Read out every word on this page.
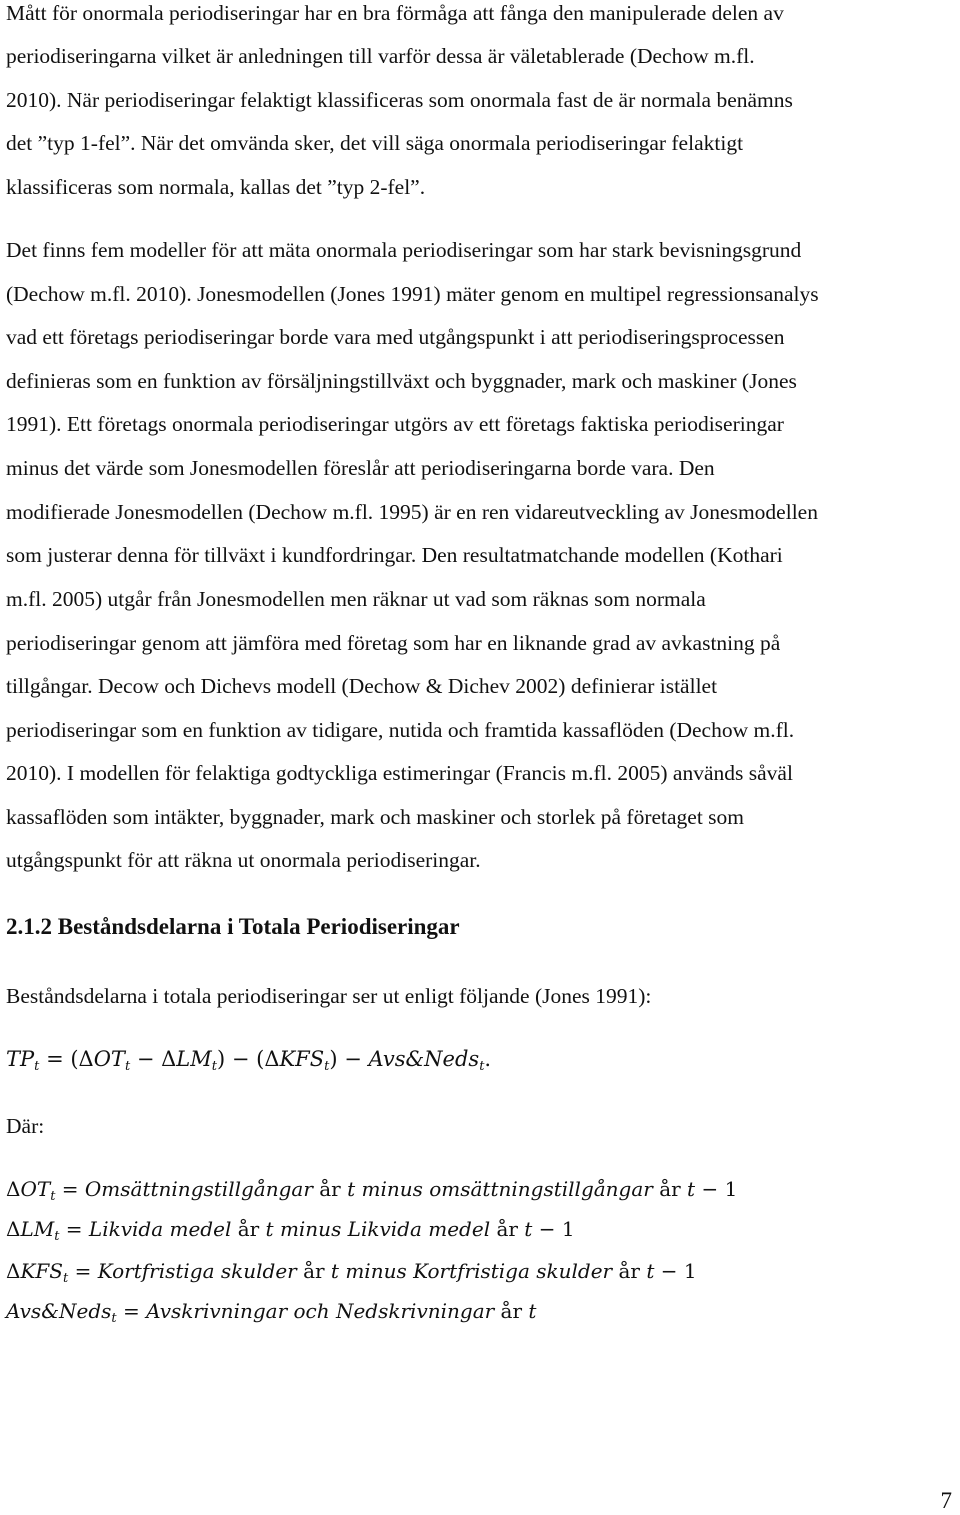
Mått för onormala periodiseringar har en bra förmåga att fånga den manipulerade delen av
periodiseringarna vilket är anledningen till varför dessa är väletablerade (Dechow m.fl.
2010). När periodiseringar felaktigt klassificeras som onormala fast de är normala benämns
det ”typ 1-fel”. När det omvända sker, det vill säga onormala periodiseringar felaktigt
klassificeras som normala, kallas det ”typ 2-fel”.
Det finns fem modeller för att mäta onormala periodiseringar som har stark bevisningsgrund
(Dechow m.fl. 2010). Jonesmodellen (Jones 1991) mäter genom en multipel regressionsanalys
vad ett företags periodiseringar borde vara med utgångspunkt i att periodiseringsprocessen
definieras som en funktion av försäljningstillväxt och byggnader, mark och maskiner (Jones
1991). Ett företags onormala periodiseringar utgörs av ett företags faktiska periodiseringar
minus det värde som Jonesmodellen föreslår att periodiseringarna borde vara. Den
modifierade Jonesmodellen (Dechow m.fl. 1995) är en ren vidareutveckling av Jonesmodellen
som justerar denna för tillväxt i kundfordringar. Den resultatmatchande modellen (Kothari
m.fl. 2005) utgår från Jonesmodellen men räknar ut vad som räknas som normala
periodiseringar genom att jämföra med företag som har en liknande grad av avkastning på
tillgångar. Decow och Dichevs modell (Dechow & Dichev 2002) definierar istället
periodiseringar som en funktion av tidigare, nutida och framtida kassaflöden (Dechow m.fl.
2010). I modellen för felaktiga godtyckliga estimeringar (Francis m.fl. 2005) används såväl
kassaflöden som intäkter, byggnader, mark och maskiner och storlek på företaget som
utgångspunkt för att räkna ut onormala periodiseringar.
2.1.2 Beståndsdelarna i Totala Periodiseringar
Beståndsdelarna i totala periodiseringar ser ut enligt följande (Jones 1991):
$TP_t = (\Delta OT_t - \Delta LM_t) - (\Delta KFS_t)$ − Avs&Neds$_t$.
Där:
$\Delta OT_t$ = Omsättningstillgångar år t minus omsättningstillgångar år t − 1
$\Delta LM_t$ = Likvida medel år t minus Likvida medel år t − 1
$\Delta KFS_t$ = Kortfristiga skulder år t minus Kortfristiga skulder år t − 1
Avs&Neds$_t$ = Avskrivningar och Nedskrivningar år t
7
